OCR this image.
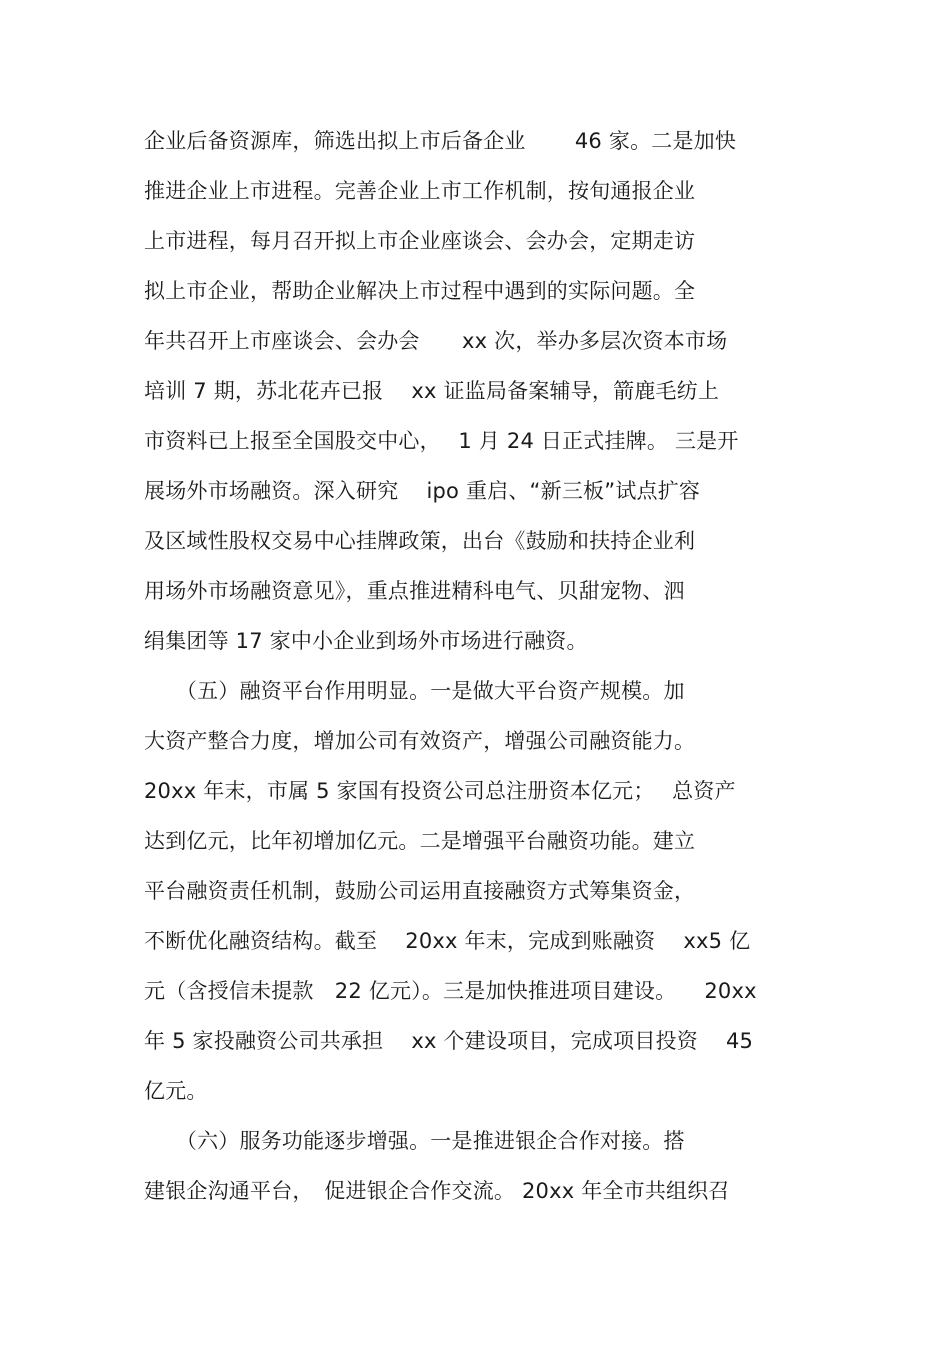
企业后备资源库，筛选出拟上市后备企业　　 46 家。二是加快
推进企业上市进程。完善企业上市工作机制，按旬通报企业
上市进程，每月召开拟上市企业座谈会、会办会，定期走访
拟上市企业，帮助企业解决上市过程中遇到的实际问题。全
年共召开上市座谈会、会办会　　xx 次，举办多层次资本市场
培训 7 期，苏北花卉已报　 xx 证监局备案辅导，箭鹿毛纺上
市资料已上报至全国股交中心，　 1 月 24 日正式挂牌。 三是开
展场外市场融资。深入研究　 ipo 重启、“新三板”试点扩容
及区域性股权交易中心挂牌政策，出台《鼓励和扶持企业利
用场外市场融资意见》，重点推进精科电气、贝甜宠物、泗
绢集团等 17 家中小企业到场外市场进行融资。
　　（五）融资平台作用明显。一是做大平台资产规模。加
大资产整合力度，增加公司有效资产，增强公司融资能力。
20xx 年末，市属 5 家国有投资公司总注册资本亿元；　 总资产
达到亿元，比年初增加亿元。二是增强平台融资功能。建立
平台融资责任机制，鼓励公司运用直接融资方式筹集资金，
不断优化融资结构。截至　 20xx 年末，完成到账融资　 xx5 亿
元（含授信未提款　22 亿元）。三是加快推进项目建设。 　20xx
年 5 家投融资公司共承担　 xx 个建设项目，完成项目投资　 45
亿元。
　　（六）服务功能逐步增强。一是推进银企合作对接。搭
建银企沟通平台，　促进银企合作交流。 20xx 年全市共组织召
